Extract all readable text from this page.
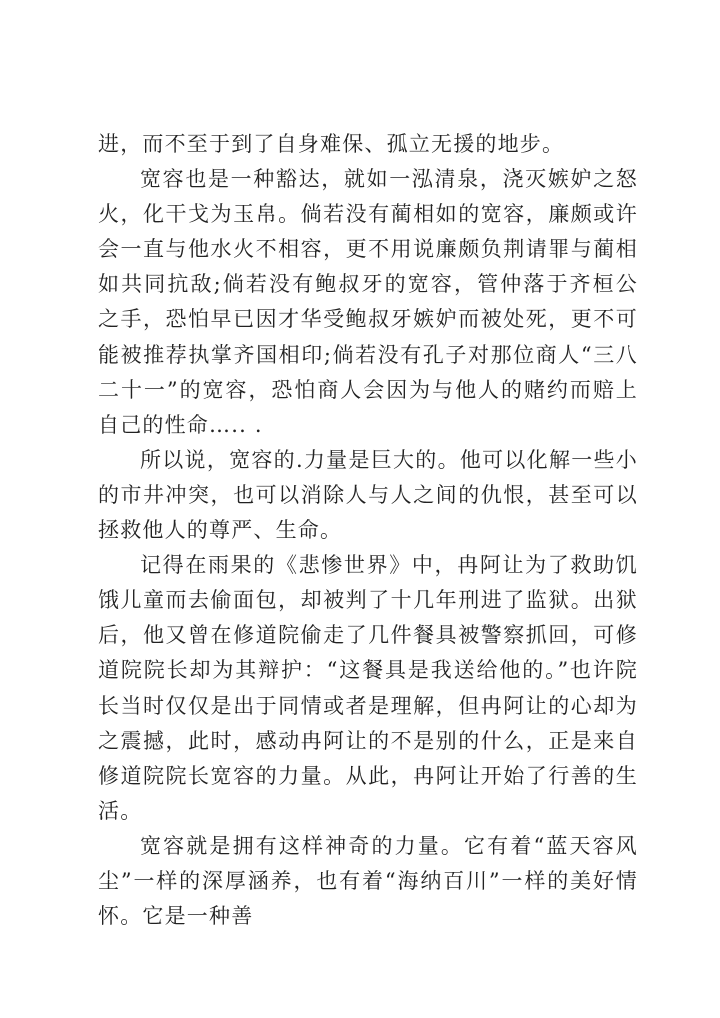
进，而不至于到了自身难保、孤立无援的地步。

宽容也是一种豁达，就如一泓清泉，浇灭嫉妒之怒火，化干戈为玉帛。倘若没有蔺相如的宽容，廉颇或许会一直与他水火不相容，更不用说廉颇负荆请罪与蔺相如共同抗敌;倘若没有鲍叔牙的宽容，管仲落于齐桓公之手，恐怕早已因才华受鲍叔牙嫉妒而被处死，更不可能被推荐执掌齐国相印;倘若没有孔子对那位商人“三八二十一”的宽容，恐怕商人会因为与他人的赌约而赔上自己的性命….. .

所以说，宽容的.力量是巨大的。他可以化解一些小的市井冲突，也可以消除人与人之间的仇恨，甚至可以拯救他人的尊严、生命。

记得在雨果的《悲惨世界》中，冉阿让为了救助饥饿儿童而去偷面包，却被判了十几年刑进了监狱。出狱后，他又曾在修道院偷走了几件餐具被警察抓回，可修道院院长却为其辩护：“这餐具是我送给他的。”也许院长当时仅仅是出于同情或者是理解，但冉阿让的心却为之震撼，此时，感动冉阿让的不是别的什么，正是来自修道院院长宽容的力量。从此，冉阿让开始了行善的生活。

宽容就是拥有这样神奇的力量。它有着“蓝天容风尘”一样的深厚涵养，也有着“海纳百川”一样的美好情怀。它是一种善
